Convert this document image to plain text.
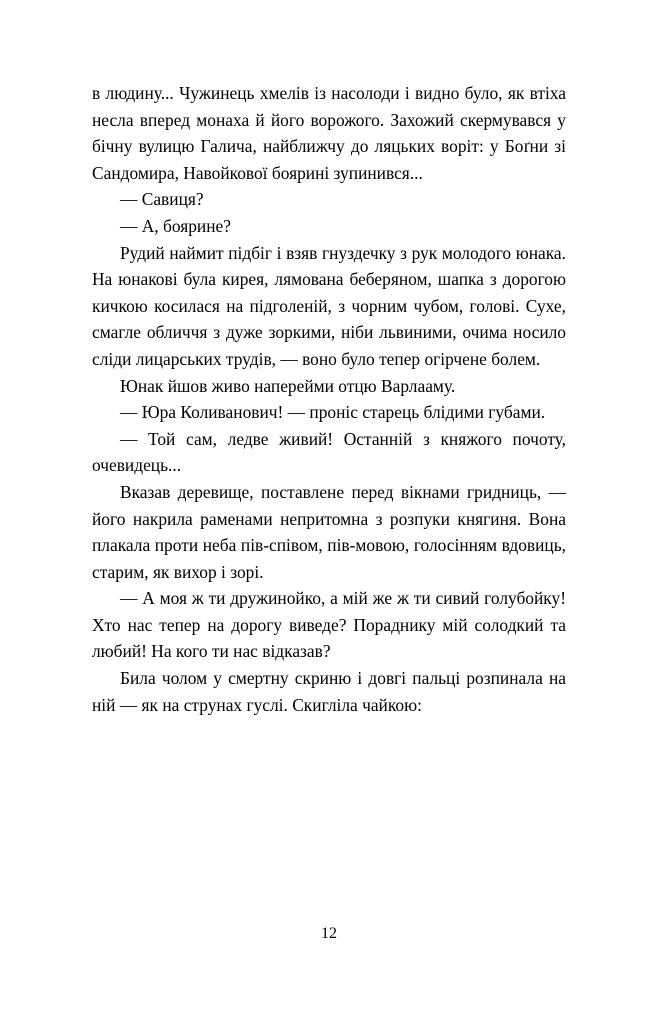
в людину... Чужинець хмелів із насолоди і видно було, як втіха несла вперед монаха й його ворожого. Захожий скермувався у бічну вулицю Галича, найближчу до ляцьких воріт: у Боґни зі Сандомира, Навойкової боярині зупинився...

— Савиця?

— А, боярине?

Рудий наймит підбіг і взяв гнуздечку з рук молодого юнака. На юнакові була кирея, лямована беберяном, шапка з дорогою кичкою косилася на підголеній, з чорним чубом, голові. Сухе, смагле обличчя з дуже зоркими, ніби львиними, очима носило сліди лицарських трудів, — воно було тепер огірчене болем.

Юнак йшов живо наперейми отцю Варлааму.

— Юра Коливанович! — проніс старець блідими губами.

— Той сам, ледве живий! Останній з княжого почоту, очевидець...

Вказав деревище, поставлене перед вікнами гридниць, — його накрила раменами непритомна з розпуки княгиня. Вона плакала проти неба пів-співом, пів-мовою, голосінням вдовиць, старим, як вихор і зорі.

— А моя ж ти дружинойко, а мій же ж ти сивий голубойку! Хто нас тепер на дорогу виведе? Пораднику мій солодкий та любий! На кого ти нас відказав?

Била чолом у смертну скриню і довгі пальці розпинала на ній — як на струнах гуслі. Скигліла чайкою:

12
